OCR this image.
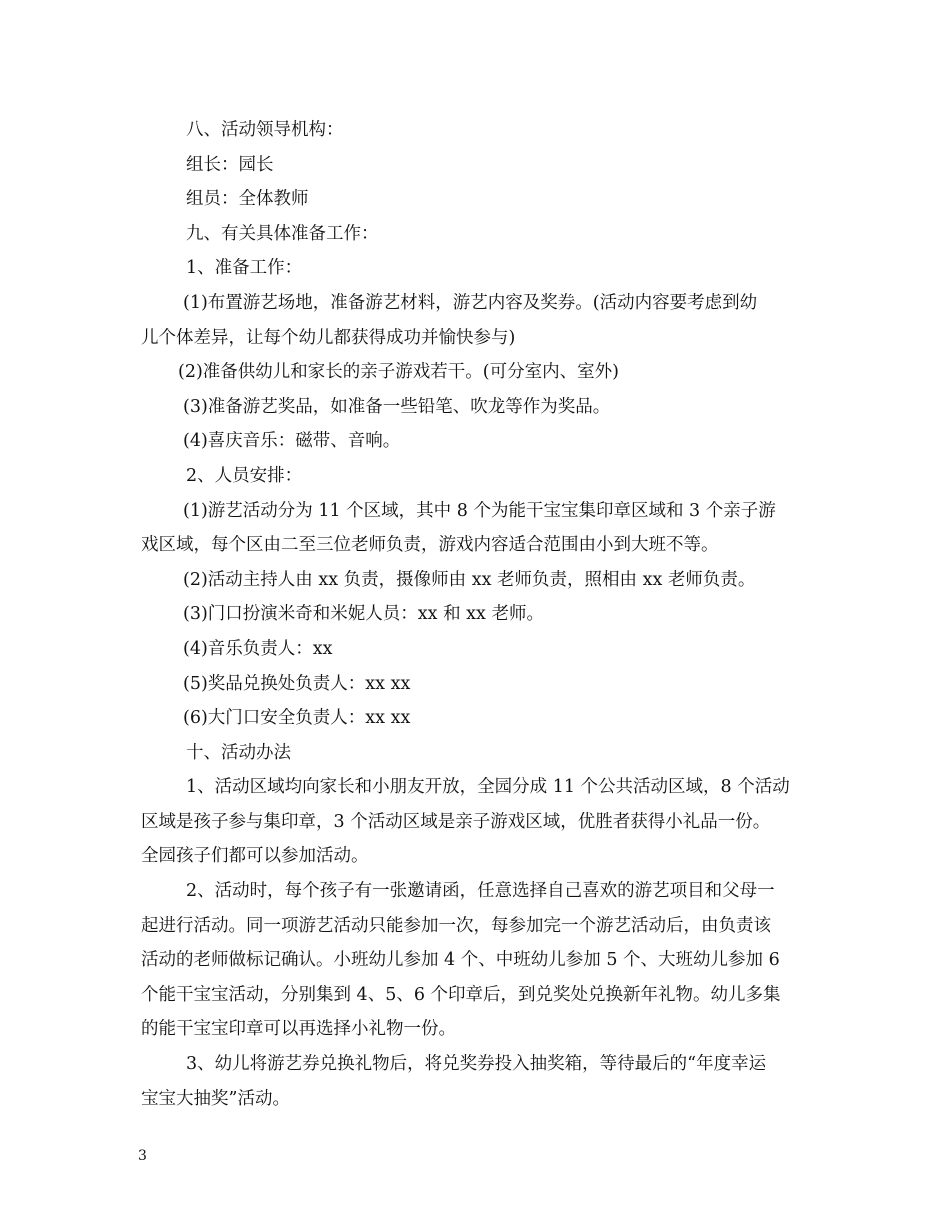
八、活动领导机构：
组长：园长
组员：全体教师
九、有关具体准备工作：
1、准备工作：
(1)布置游艺场地，准备游艺材料，游艺内容及奖券。(活动内容要考虑到幼
儿个体差异，让每个幼儿都获得成功并愉快参与)
(2)准备供幼儿和家长的亲子游戏若干。(可分室内、室外)
(3)准备游艺奖品，如准备一些铅笔、吹龙等作为奖品。
(4)喜庆音乐：磁带、音响。
2、人员安排：
(1)游艺活动分为 11 个区域，其中 8 个为能干宝宝集印章区域和 3 个亲子游
戏区域，每个区由二至三位老师负责，游戏内容适合范围由小到大班不等。
(2)活动主持人由 xx 负责，摄像师由 xx 老师负责，照相由 xx 老师负责。
(3)门口扮演米奇和米妮人员：xx 和 xx 老师。
(4)音乐负责人：xx
(5)奖品兑换处负责人：xx xx
(6)大门口安全负责人：xx xx
十、活动办法
1、活动区域均向家长和小朋友开放，全园分成 11 个公共活动区域，8 个活动
区域是孩子参与集印章，3 个活动区域是亲子游戏区域，优胜者获得小礼品一份。
全园孩子们都可以参加活动。
2、活动时，每个孩子有一张邀请函，任意选择自己喜欢的游艺项目和父母一
起进行活动。同一项游艺活动只能参加一次，每参加完一个游艺活动后，由负责该
活动的老师做标记确认。小班幼儿参加 4 个、中班幼儿参加 5 个、大班幼儿参加 6
个能干宝宝活动，分别集到 4、5、6 个印章后，到兑奖处兑换新年礼物。幼儿多集
的能干宝宝印章可以再选择小礼物一份。
3、幼儿将游艺券兑换礼物后，将兑奖券投入抽奖箱，等待最后的“年度幸运
宝宝大抽奖”活动。
3
